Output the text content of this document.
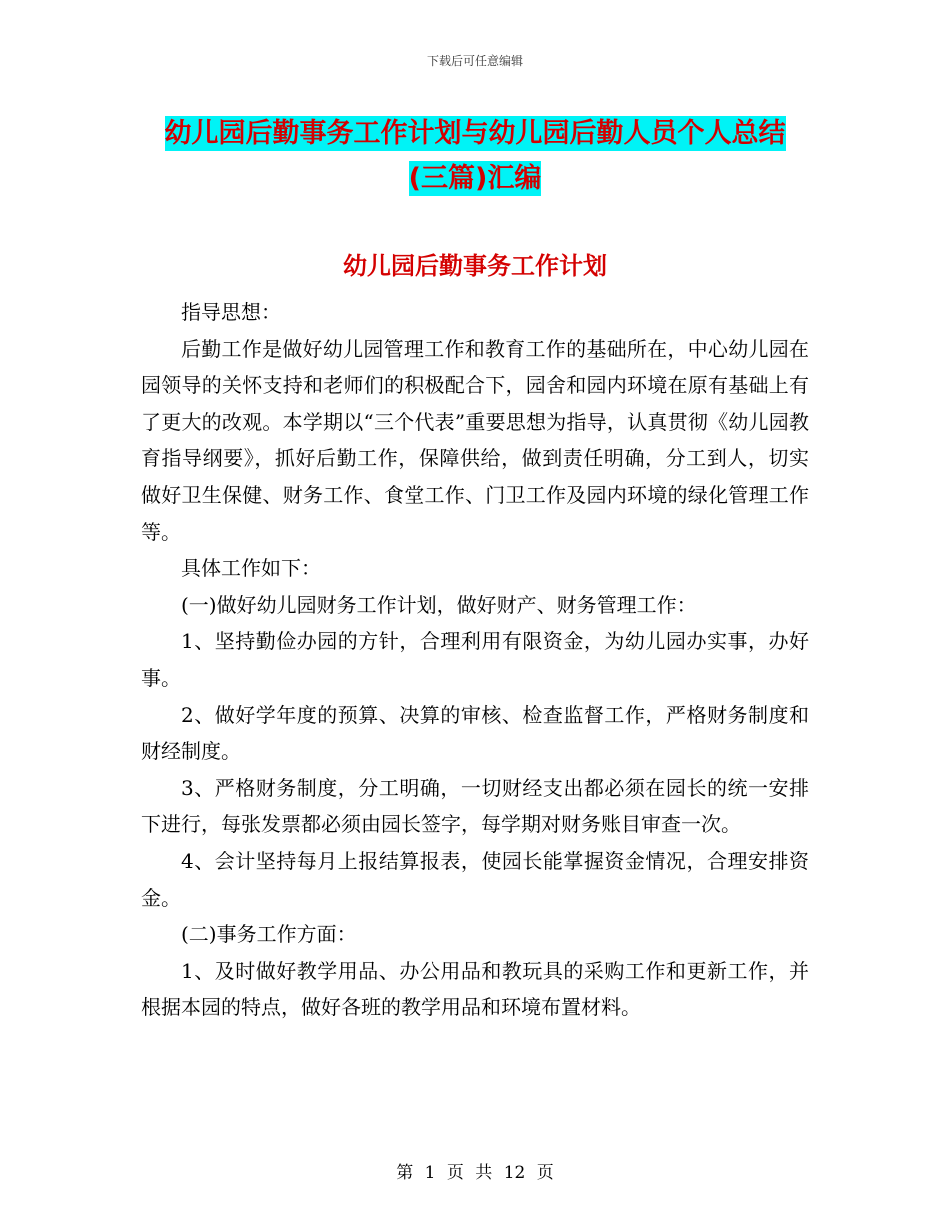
下载后可任意编辑
幼儿园后勤事务工作计划与幼儿园后勤人员个人总结
(三篇)汇编
幼儿园后勤事务工作计划

指导思想：

后勤工作是做好幼儿园管理工作和教育工作的基础所在，中心幼儿园在园领导的关怀支持和老师们的积极配合下，园舍和园内环境在原有基础上有了更大的改观。本学期以“三个代表”重要思想为指导，认真贯彻《幼儿园教育指导纲要》，抓好后勤工作，保障供给，做到责任明确，分工到人，切实做好卫生保健、财务工作、食堂工作、门卫工作及园内环境的绿化管理工作等。

具体工作如下：

(一)做好幼儿园财务工作计划，做好财产、财务管理工作：

1、坚持勤俭办园的方针，合理利用有限资金，为幼儿园办实事，办好事。

2、做好学年度的预算、决算的审核、检查监督工作，严格财务制度和财经制度。

3、严格财务制度，分工明确，一切财经支出都必须在园长的统一安排下进行，每张发票都必须由园长签字，每学期对财务账目审查一次。

4、会计坚持每月上报结算报表，使园长能掌握资金情况，合理安排资金。

(二)事务工作方面：

1、及时做好教学用品、办公用品和教玩具的采购工作和更新工作，并根据本园的特点，做好各班的教学用品和环境布置材料。

第 1 页 共 12 页
